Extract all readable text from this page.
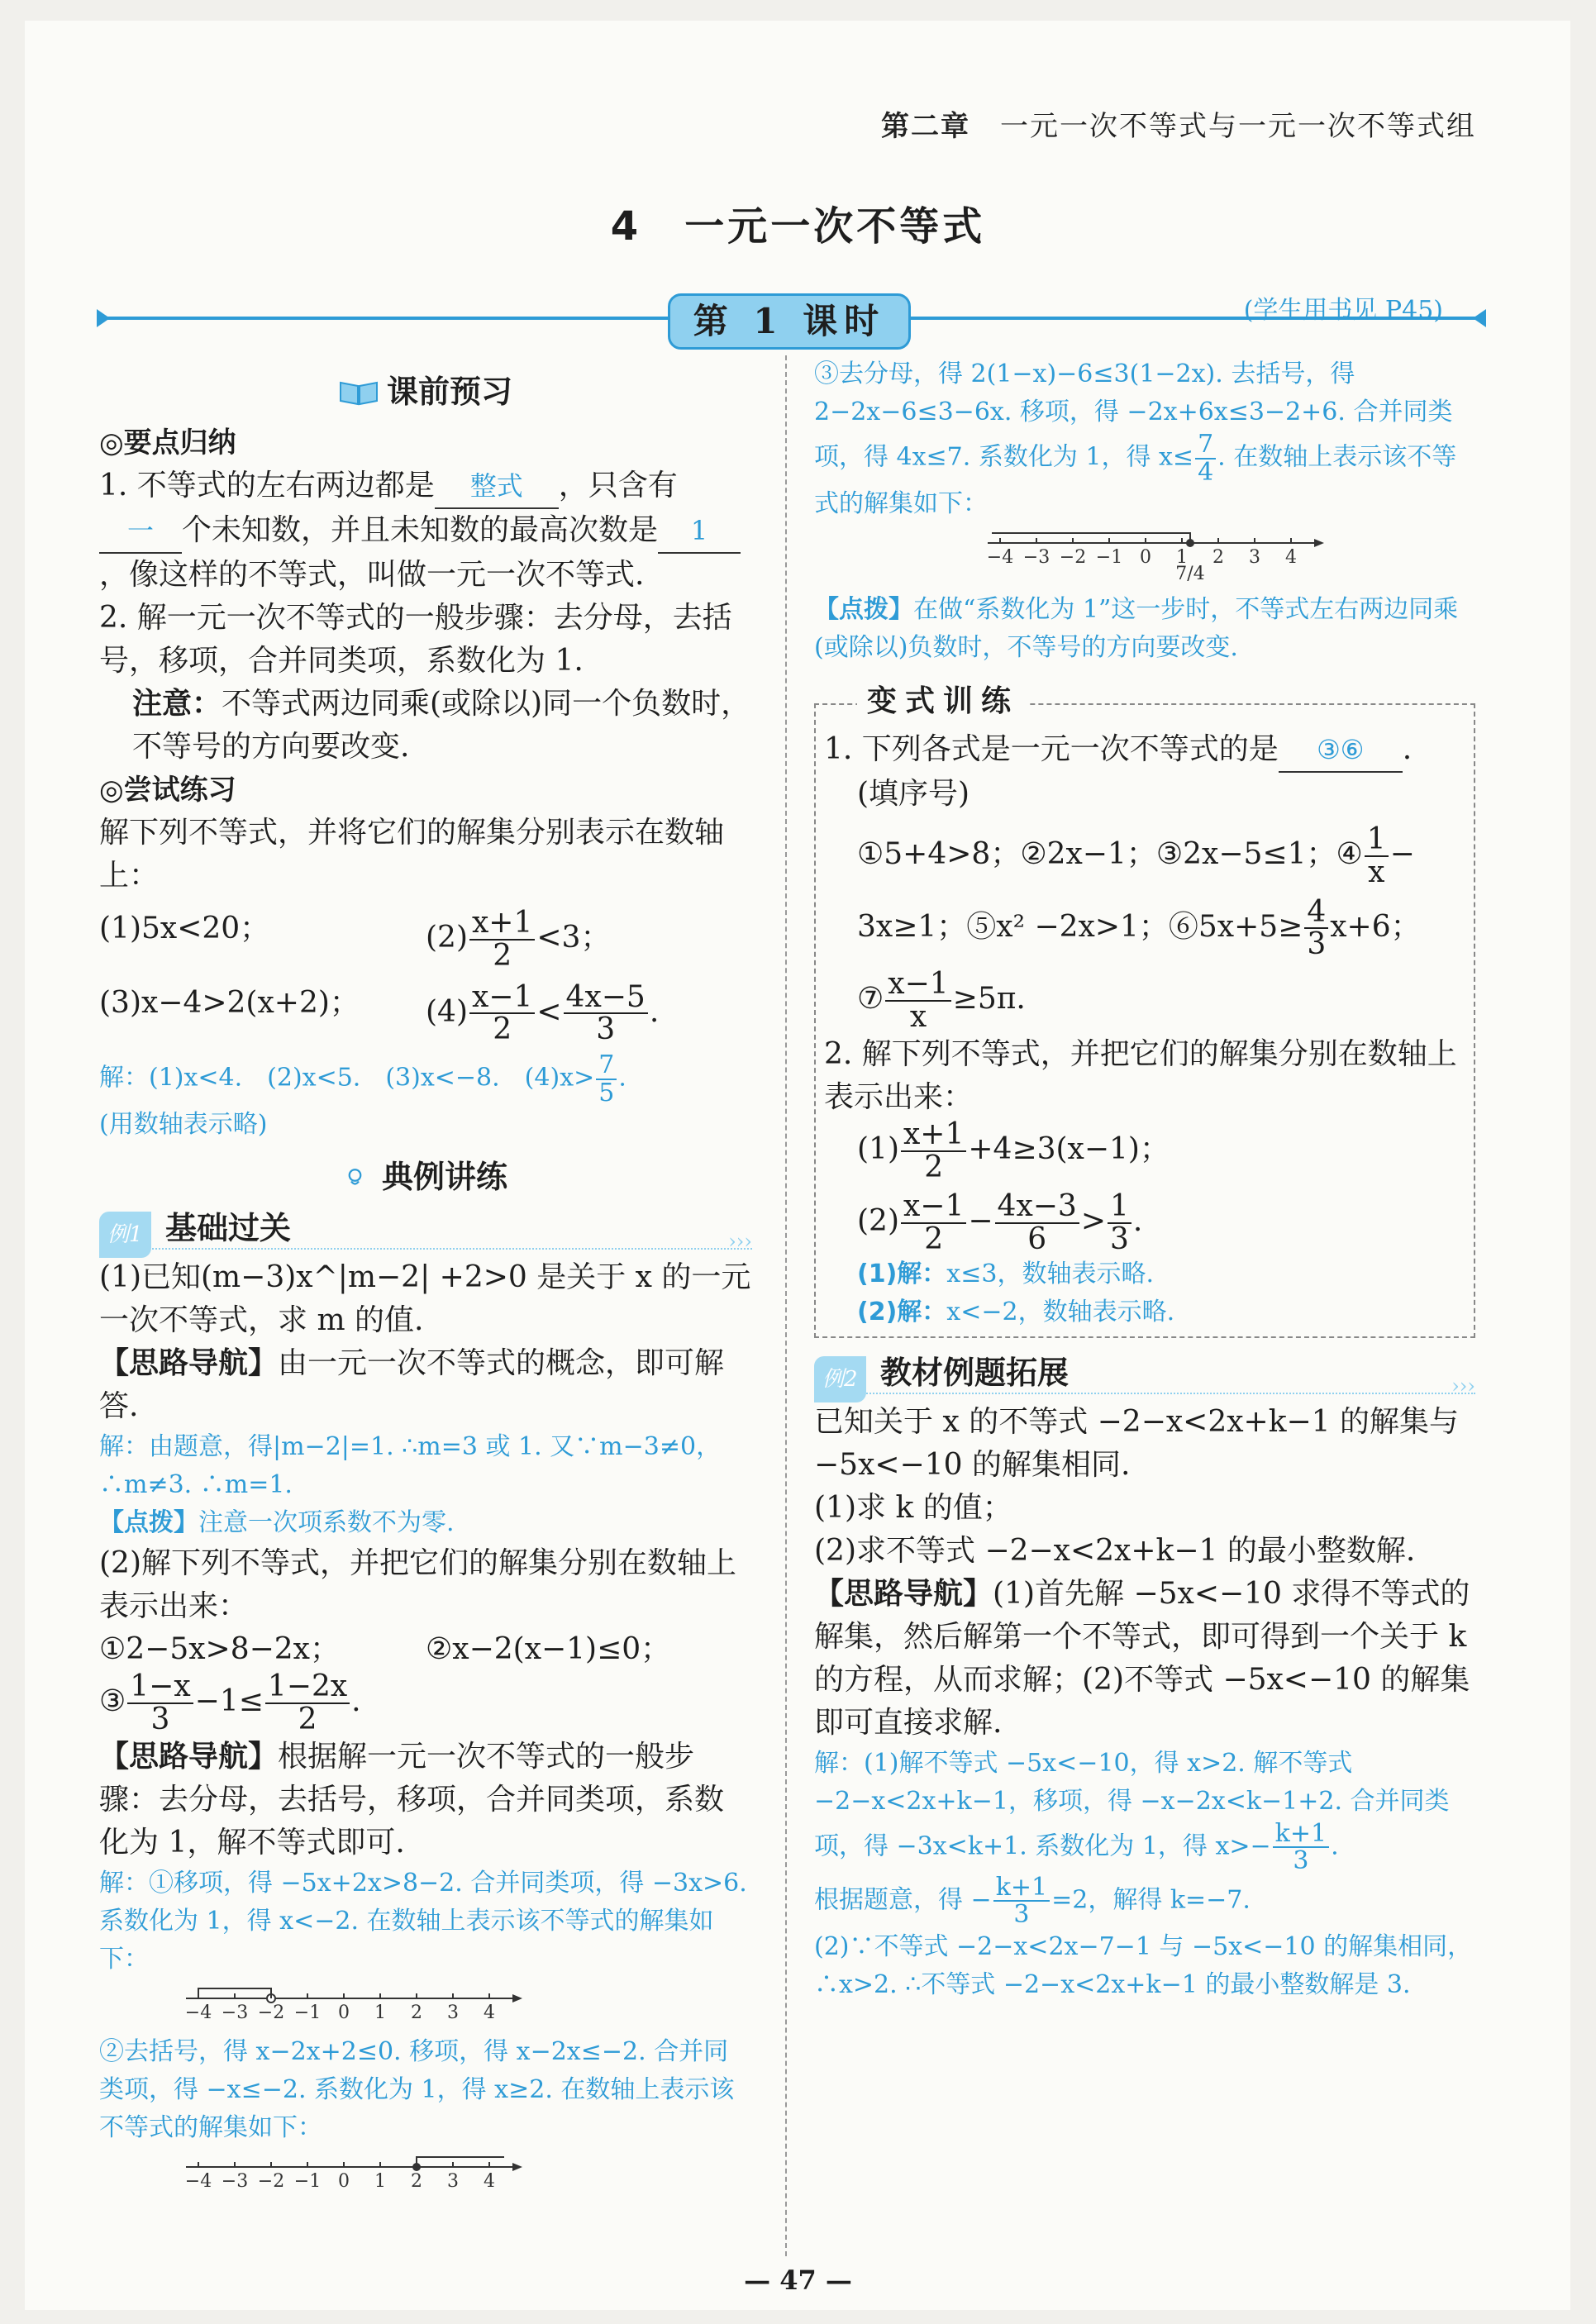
第二章 一元一次不等式与一元一次不等式组
4　一元一次不等式
第 1 课时	(学生用书见 P45)
课前预习
◎要点归纳

1. 不等式的左右两边都是 整式 ，只含有一 个未知数，并且未知数的最高次数是 1，像这样的不等式，叫做一元一次不等式.

2. 解一元一次不等式的一般步骤：去分母，去括号，移项，合并同类项，系数化为 1.

注意：不等式两边同乘(或除以)同一个负数时，不等号的方向要改变.

◎尝试练习

解下列不等式，并将它们的解集分别表示在数轴上：

(1)5x<20；	$(2) \frac{x+1}{2} <3$；
(3)x−4>2(x+2)；	$(4) \frac{x-1}{2} < \frac{4x-5}{3}$ .
解：(1)x<4.　(2)x<5.　(3)x<−8.　$(4)x> \frac{7}{5}$ .
(用数轴表示略)
典例讲练
例1 基础过关	›››

(1)已知(m−3)x^|m−2| +2>0 是关于 x 的一元一次不等式，求 m 的值.

【思路导航】由一元一次不等式的概念，即可解答.

解：由题意，得|m−2|=1. ∴m=3 或 1. 又∵m−3≠0，∴m≠3. ∴m=1.
【点拨】注意一次项系数不为零.

(2)解下列不等式，并把它们的解集分别在数轴上表示出来：

①2−5x>8−2x；	②x−2(x−1)≤0；

③ $\frac{1-x}{3} -1\le \frac{1-2x}{2}$ .

【思路导航】根据解一元一次不等式的一般步骤：去分母，去括号，移项，合并同类项，系数化为 1，解不等式即可.

解：①移项，得 −5x+2x>8−2. 合并同类项，得 −3x>6. 系数化为 1，得 x<−2. 在数轴上表示该不等式的解集如下：
−4 −3 −2 −1 0 1 2 3 4
②去括号，得 x−2x+2≤0. 移项，得 x−2x≤−2. 合并同类项，得 −x≤−2. 系数化为 1，得 x≥2. 在数轴上表示该不等式的解集如下：
−4 −3 −2 −1 0 1 2 3 4
③去分母，得 2(1−x)−6≤3(1−2x). 去括号，得 2−2x−6≤3−6x. 移项，得 −2x+6x≤3−2+6. 合并同类项，得 4x≤7. 系数化为 1，得 $x\le \frac{7}{4}$ . 在数轴上表示该不等式的解集如下：
−4 −3 −2 −1 0 1 2 3 4
7/4
【点拨】在做“系数化为 1”这一步时，不等式左右两边同乘(或除以)负数时，不等号的方向要改变.
变式训练

1. 下列各式是一元一次不等式的是 ③⑥ .

(填序号)

①5+4>8；②2x−1；③2x−5≤1；④ $\frac{1}{x}$ −

3x≥1；⑤x² −2x>1；⑥5x+5≥ $\frac{4}{3} x+6$；

⑦ $\frac{x-1}{x} \ge 5\pi$.

2. 解下列不等式，并把它们的解集分别在数轴上表示出来：

$(1) \frac{x+1}{2} +4\ge 3(x-1)$；

$(2) \frac{x-1}{2} - \frac{4x-3}{6} > \frac{1}{3}$ .

(1)解：x≤3，数轴表示略.
(2)解：x<−2，数轴表示略.
例2 教材例题拓展	›››

已知关于 x 的不等式 −2−x<2x+k−1 的解集与 −5x<−10 的解集相同.

(1)求 k 的值；

(2)求不等式 −2−x<2x+k−1 的最小整数解.

【思路导航】(1)首先解 −5x<−10 求得不等式的解集，然后解第一个不等式，即可得到一个关于 k 的方程，从而求解；(2)不等式 −5x<−10 的解集即可直接求解.

解：(1)解不等式 −5x<−10，得 x>2. 解不等式 −2−x<2x+k−1，移项，得 −x−2x<k−1+2. 合并同类项，得 −3x<k+1. 系数化为 1，得 $x>- \frac{k+1}{3}$ .
根据题意，得 − $\frac{k+1}{3} =2$，解得 k=−7.
(2)∵不等式 −2−x<2x−7−1 与 −5x<−10 的解集相同，∴x>2. ∴不等式 −2−x<2x+k−1 的最小整数解是 3.
— 47 —
